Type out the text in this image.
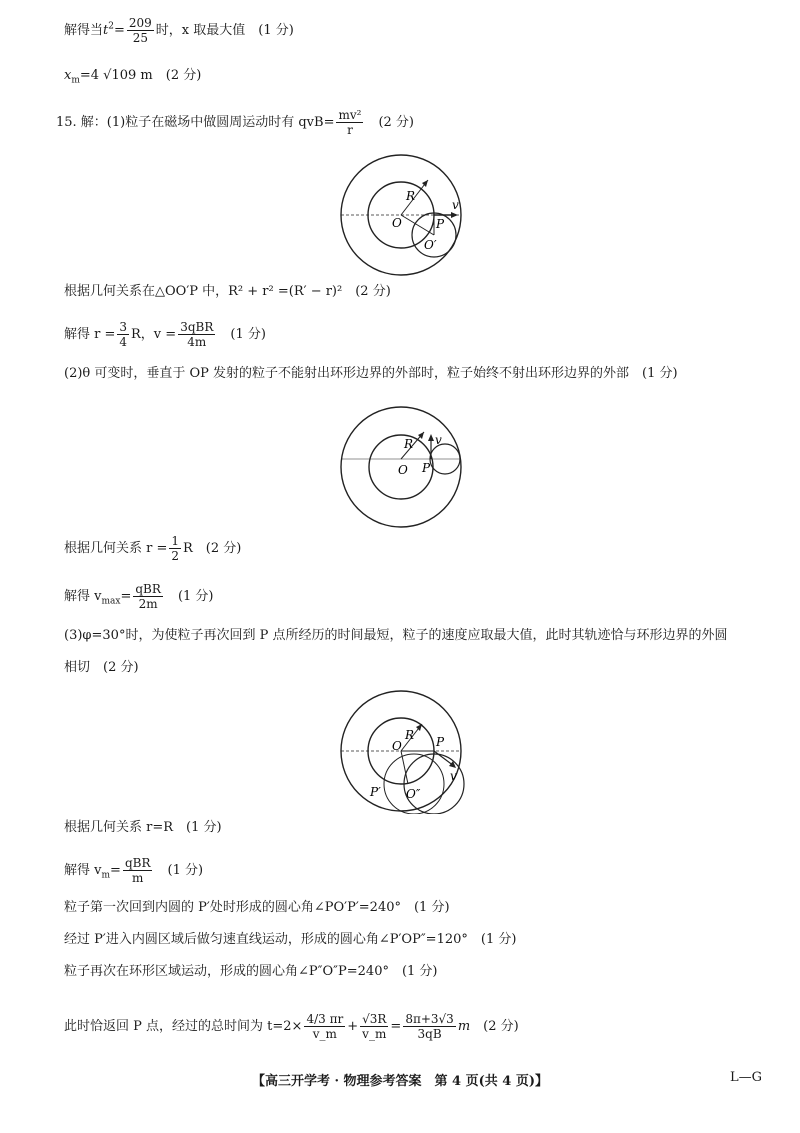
解得当$t^2= \frac{209}{25}$ 时，x 取最大值　(1 分)
$x_m=4$ √109 m　(2 分)
15. 解：(1)粒子在磁场中做圆周运动时有 $qvB= \frac{\text{mv²}}{r}$
　 (2 分)
R
O	P
O′
v
根据几何关系在△OO′P 中，R² + r² =(R′ − r)²　(2 分)
解得 $r = \frac{3}{4}$ R，$v = \frac{\text{3qBR}}{4m}$
　 (1 分)
(2)θ 可变时，垂直于 OP 发射的粒子不能射出环形边界的外部时，粒子始终不射出环形边界的外部　(1 分)
R
O P
v
根据几何关系 $r = \frac{1}{2}$ R　(2 分)
解得 $v_{max}= \frac{\text{qBR}}{2m}$
　 (1 分)
(3)φ=30°时，为使粒子再次回到 P 点所经历的时间最短，粒子的速度应取最大值，此时其轨迹恰与环形边界的外圆
相切　(2 分)
R
O	P
P′ O″
v
根据几何关系 r=R　(1 分)
解得 $v_m= \frac{\text{qBR}}{m}$
　 (1 分)
粒子第一次回到内圆的 P′处时形成的圆心角∠PO′P′=240°　(1 分)
经过 P′进入内圆区域后做匀速直线运动，形成的圆心角∠P′OP″=120°　(1 分)
粒子再次在环形区域运动，形成的圆心角∠P″O″P=240°　(1 分)
此时恰返回 P 点，经过的总时间为 $t=2\times \frac{4/3 \pi r}{v\_m} + \frac{√3R}{v\_m} = \frac{8\pi+3√3}{3qB}$ m　 (2 分)
【高三开学考 · 物理参考答案　第 4 页(共 4 页)】	L—G
